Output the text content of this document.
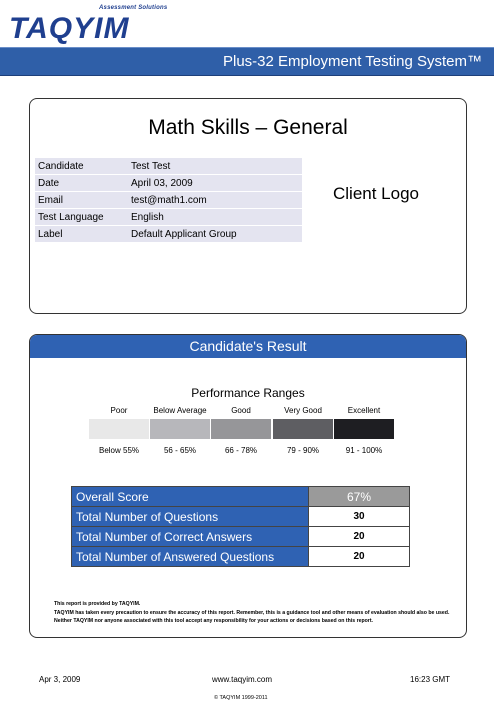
Assessment Solutions
TAQYIM
Plus-32 Employment Testing System™
Math Skills – General
Candidate	Test Test
Date	April 03, 2009
Email	test@math1.com
Test Language	English
Label	Default Applicant Group
Client Logo
Candidate's Result
Performance Ranges
Poor
Below 55%
Below Average
56 - 65%
Good
66 - 78%
Very Good
79 - 90%
Excellent
91 - 100%
Overall Score	67%
Total Number of Questions	30
Total Number of Correct Answers	20
Total Number of Answered Questions	20
This report is provided by TAQYIM.
TAQYIM has taken every precaution to ensure the accuracy of this report. Remember, this is a guidance tool and other means of evaluation should also be used. Neither TAQYIM nor anyone associated with this tool accept any responsibility for your actions or decisions based on this report.
Apr 3, 2009	www.taqyim.com	16:23 GMT
© TAQYIM 1999-2011
